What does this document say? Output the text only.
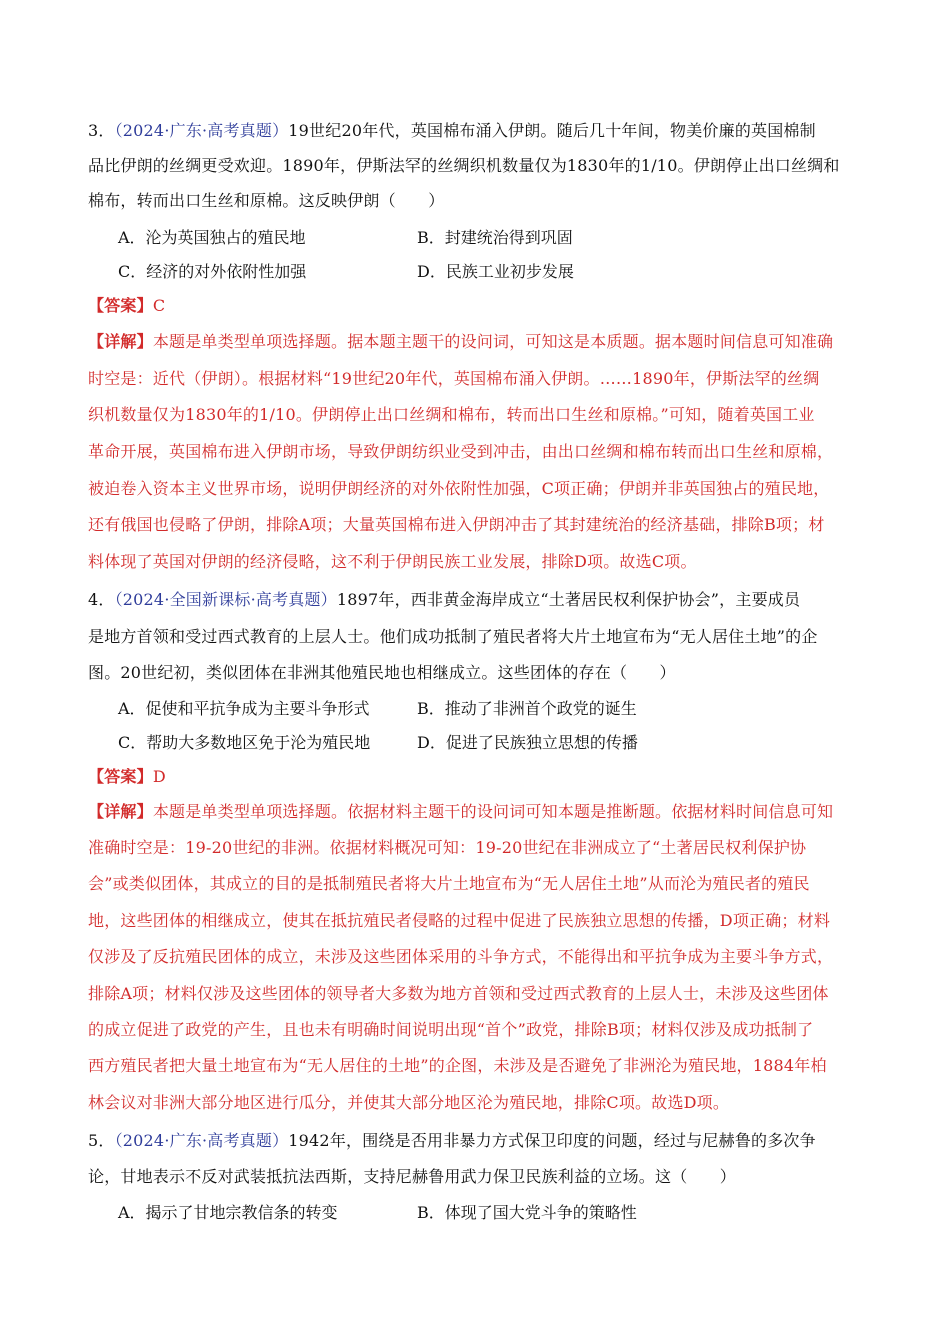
3．（2024·广东·高考真题）19世纪20年代，英国棉布涌入伊朗。随后几十年间，物美价廉的英国棉制
品比伊朗的丝绸更受欢迎。1890年，伊斯法罕的丝绸织机数量仅为1830年的1/10。伊朗停止出口丝绸和
棉布，转而出口生丝和原棉。这反映伊朗（　　）
A．沦为英国独占的殖民地	B．封建统治得到巩固
C．经济的对外依附性加强	D．民族工业初步发展
【答案】C
【详解】本题是单类型单项选择题。据本题主题干的设问词，可知这是本质题。据本题时间信息可知准确
时空是：近代（伊朗）。根据材料“19世纪20年代，英国棉布涌入伊朗。……1890年，伊斯法罕的丝绸
织机数量仅为1830年的1/10。伊朗停止出口丝绸和棉布，转而出口生丝和原棉。”可知，随着英国工业
革命开展，英国棉布进入伊朗市场，导致伊朗纺织业受到冲击，由出口丝绸和棉布转而出口生丝和原棉，
被迫卷入资本主义世界市场，说明伊朗经济的对外依附性加强，C项正确；伊朗并非英国独占的殖民地，
还有俄国也侵略了伊朗，排除A项；大量英国棉布进入伊朗冲击了其封建统治的经济基础，排除B项；材
料体现了英国对伊朗的经济侵略，这不利于伊朗民族工业发展，排除D项。故选C项。
4．（2024·全国新课标·高考真题）1897年，西非黄金海岸成立“土著居民权利保护协会”，主要成员
是地方首领和受过西式教育的上层人士。他们成功抵制了殖民者将大片土地宣布为“无人居住土地”的企
图。20世纪初，类似团体在非洲其他殖民地也相继成立。这些团体的存在（　　）
A．促使和平抗争成为主要斗争形式	B．推动了非洲首个政党的诞生
C．帮助大多数地区免于沦为殖民地	D．促进了民族独立思想的传播
【答案】D
【详解】本题是单类型单项选择题。依据材料主题干的设问词可知本题是推断题。依据材料时间信息可知
准确时空是：19-20世纪的非洲。依据材料概况可知：19-20世纪在非洲成立了“土著居民权利保护协
会”或类似团体，其成立的目的是抵制殖民者将大片土地宣布为“无人居住土地”从而沦为殖民者的殖民
地，这些团体的相继成立，使其在抵抗殖民者侵略的过程中促进了民族独立思想的传播，D项正确；材料
仅涉及了反抗殖民团体的成立，未涉及这些团体采用的斗争方式，不能得出和平抗争成为主要斗争方式，
排除A项；材料仅涉及这些团体的领导者大多数为地方首领和受过西式教育的上层人士，未涉及这些团体
的成立促进了政党的产生，且也未有明确时间说明出现“首个”政党，排除B项；材料仅涉及成功抵制了
西方殖民者把大量土地宣布为“无人居住的土地”的企图，未涉及是否避免了非洲沦为殖民地，1884年柏
林会议对非洲大部分地区进行瓜分，并使其大部分地区沦为殖民地，排除C项。故选D项。
5．（2024·广东·高考真题）1942年，围绕是否用非暴力方式保卫印度的问题，经过与尼赫鲁的多次争
论，甘地表示不反对武装抵抗法西斯，支持尼赫鲁用武力保卫民族利益的立场。这（　　）
A．揭示了甘地宗教信条的转变	B．体现了国大党斗争的策略性
